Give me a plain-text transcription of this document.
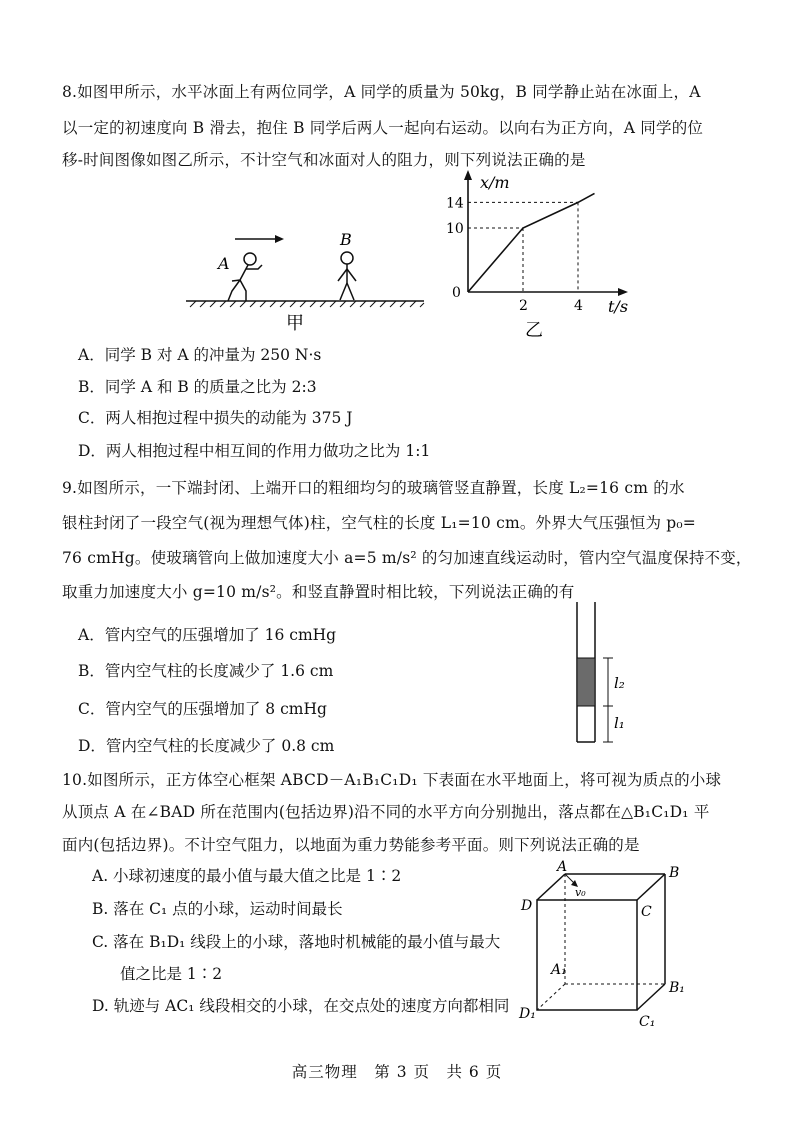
8.如图甲所示，水平冰面上有两位同学，A 同学的质量为 50kg，B 同学静止站在冰面上，A
以一定的初速度向 B 滑去，抱住 B 同学后两人一起向右运动。以向右为正方向，A 同学的位
移-时间图像如图乙所示，不计空气和冰面对人的阻力，则下列说法正确的是
A
B
甲
x/m
t/s
0
14
10
2	4
乙
A．同学 B 对 A 的冲量为 250 N·s
B．同学 A 和 B 的质量之比为 2:3
C．两人相抱过程中损失的动能为 375 J
D．两人相抱过程中相互间的作用力做功之比为 1:1
9.如图所示，一下端封闭、上端开口的粗细均匀的玻璃管竖直静置，长度 L₂=16 cm 的水
银柱封闭了一段空气(视为理想气体)柱，空气柱的长度 L₁=10 cm。外界大气压强恒为 p₀=
76 cmHg。使玻璃管向上做加速度大小 a=5 m/s² 的匀加速直线运动时，管内空气温度保持不变，
取重力加速度大小 g=10 m/s²。和竖直静置时相比较，下列说法正确的有
A．管内空气的压强增加了 16 cmHg
B．管内空气柱的长度减少了 1.6 cm
C．管内空气的压强增加了 8 cmHg
D．管内空气柱的长度减少了 0.8 cm
l₂
l₁
10.如图所示，正方体空心框架 ABCD－A₁B₁C₁D₁ 下表面在水平地面上，将可视为质点的小球
从顶点 A 在∠BAD 所在范围内(包括边界)沿不同的水平方向分别抛出，落点都在△B₁C₁D₁ 平
面内(包括边界)。不计空气阻力，以地面为重力势能参考平面。则下列说法正确的是
A. 小球初速度的最小值与最大值之比是 1∶2
B. 落在 C₁ 点的小球，运动时间最长
C. 落在 B₁D₁ 线段上的小球，落地时机械能的最小值与最大
值之比是 1∶2
D. 轨迹与 AC₁ 线段相交的小球，在交点处的速度方向都相同
v₀
A	B
C
D
A₁
B₁
C₁
D₁
高三物理　第 3 页　共 6 页
